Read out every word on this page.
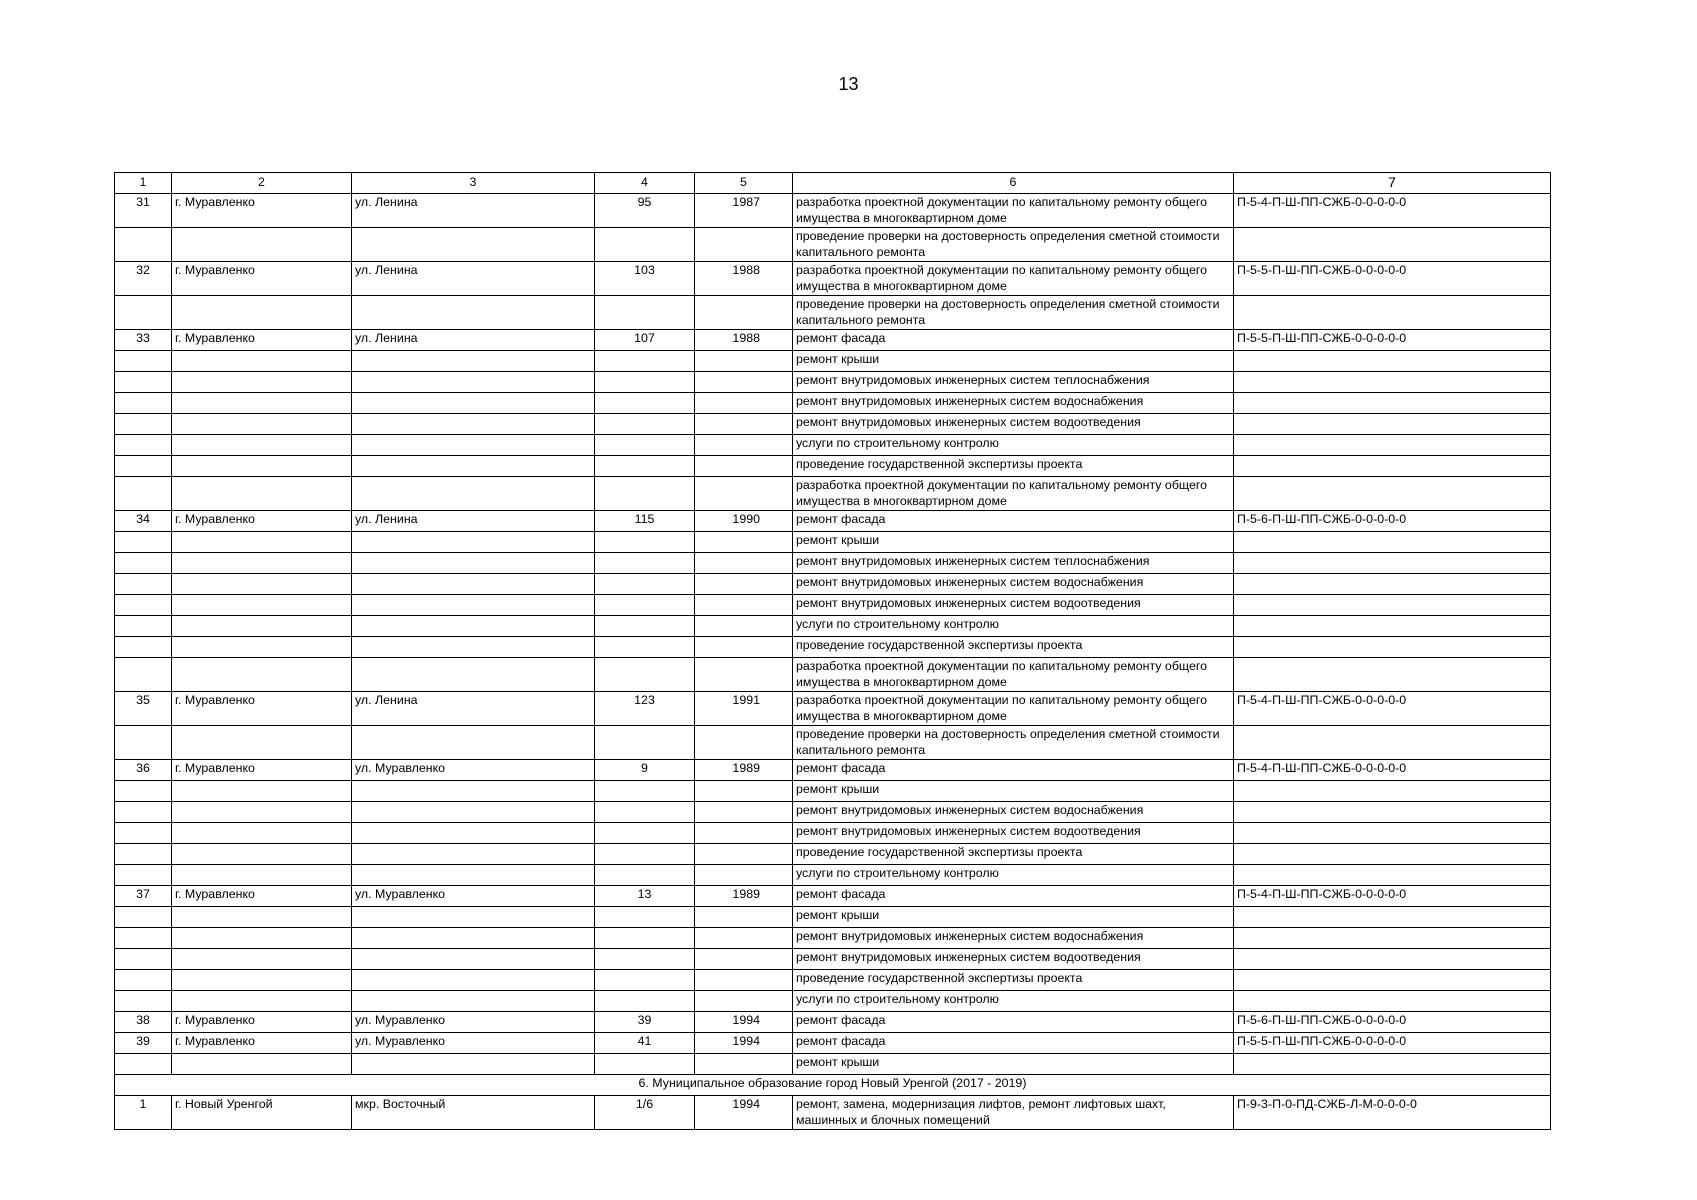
13
1	2	3	4	5	6	7
31	г. Муравленко	ул. Ленина	95	1987	разработка проектной документации по капитальному ремонту общего имущества в многоквартирном доме	П-5-4-П-Ш-ПП-СЖБ-0-0-0-0-0
					проведение проверки на достоверность определения сметной стоимости капитального ремонта	
32	г. Муравленко	ул. Ленина	103	1988	разработка проектной документации по капитальному ремонту общего имущества в многоквартирном доме	П-5-5-П-Ш-ПП-СЖБ-0-0-0-0-0
					проведение проверки на достоверность определения сметной стоимости капитального ремонта	
33	г. Муравленко	ул. Ленина	107	1988	ремонт фасада	П-5-5-П-Ш-ПП-СЖБ-0-0-0-0-0
					ремонт крыши	
					ремонт внутридомовых инженерных систем теплоснабжения	
					ремонт внутридомовых инженерных систем водоснабжения	
					ремонт внутридомовых инженерных систем водоотведения	
					услуги по строительному контролю	
					проведение государственной экспертизы проекта	
					разработка проектной документации по капитальному ремонту общего имущества в многоквартирном доме	
34	г. Муравленко	ул. Ленина	115	1990	ремонт фасада	П-5-6-П-Ш-ПП-СЖБ-0-0-0-0-0
					ремонт крыши	
					ремонт внутридомовых инженерных систем теплоснабжения	
					ремонт внутридомовых инженерных систем водоснабжения	
					ремонт внутридомовых инженерных систем водоотведения	
					услуги по строительному контролю	
					проведение государственной экспертизы проекта	
					разработка проектной документации по капитальному ремонту общего имущества в многоквартирном доме	
35	г. Муравленко	ул. Ленина	123	1991	разработка проектной документации по капитальному ремонту общего имущества в многоквартирном доме	П-5-4-П-Ш-ПП-СЖБ-0-0-0-0-0
					проведение проверки на достоверность определения сметной стоимости капитального ремонта	
36	г. Муравленко	ул. Муравленко	9	1989	ремонт фасада	П-5-4-П-Ш-ПП-СЖБ-0-0-0-0-0
					ремонт крыши	
					ремонт внутридомовых инженерных систем водоснабжения	
					ремонт внутридомовых инженерных систем водоотведения	
					проведение государственной экспертизы проекта	
					услуги по строительному контролю	
37	г. Муравленко	ул. Муравленко	13	1989	ремонт фасада	П-5-4-П-Ш-ПП-СЖБ-0-0-0-0-0
					ремонт крыши	
					ремонт внутридомовых инженерных систем водоснабжения	
					ремонт внутридомовых инженерных систем водоотведения	
					проведение государственной экспертизы проекта	
					услуги по строительному контролю	
38	г. Муравленко	ул. Муравленко	39	1994	ремонт фасада	П-5-6-П-Ш-ПП-СЖБ-0-0-0-0-0
39	г. Муравленко	ул. Муравленко	41	1994	ремонт фасада	П-5-5-П-Ш-ПП-СЖБ-0-0-0-0-0
					ремонт крыши	
6. Муниципальное образование город Новый Уренгой (2017 - 2019)						
1	г. Новый Уренгой	мкр. Восточный	1/6	1994	ремонт, замена, модернизация лифтов, ремонт лифтовых шахт, машинных и блочных помещений	П-9-3-П-0-ПД-СЖБ-Л-М-0-0-0-0
